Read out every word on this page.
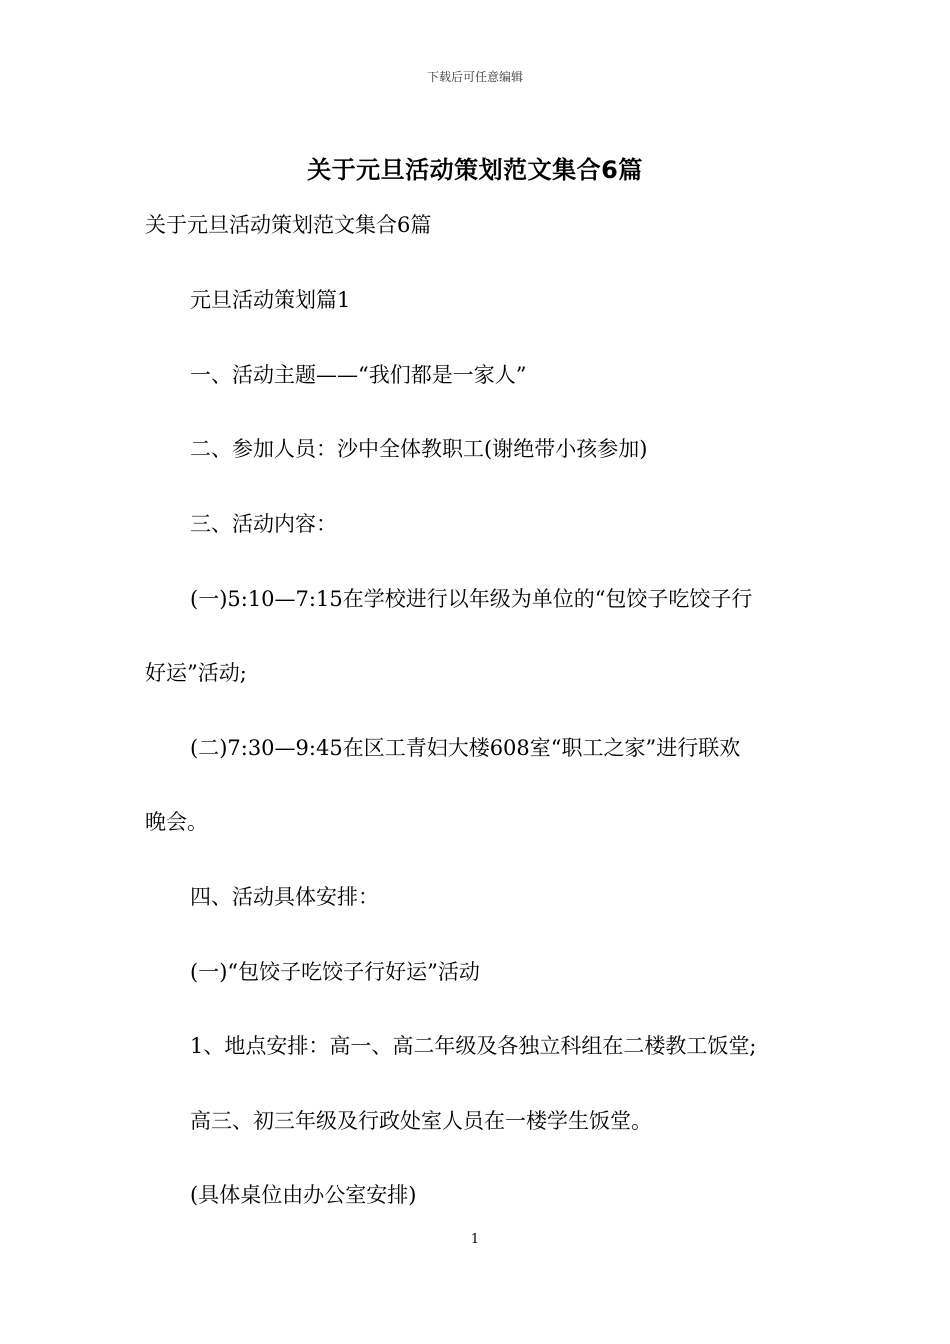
下载后可任意编辑
关于元旦活动策划范文集合6篇
关于元旦活动策划范文集合6篇
元旦活动策划篇1
一、活动主题——“我们都是一家人”
二、参加人员：沙中全体教职工(谢绝带小孩参加)
三、活动内容：
(一)5:10—7:15在学校进行以年级为单位的“包饺子吃饺子行
好运”活动;
(二)7:30—9:45在区工青妇大楼608室“职工之家”进行联欢
晚会。
四、活动具体安排：
(一)“包饺子吃饺子行好运”活动
1、地点安排：高一、高二年级及各独立科组在二楼教工饭堂;
高三、初三年级及行政处室人员在一楼学生饭堂。
(具体桌位由办公室安排)
1
